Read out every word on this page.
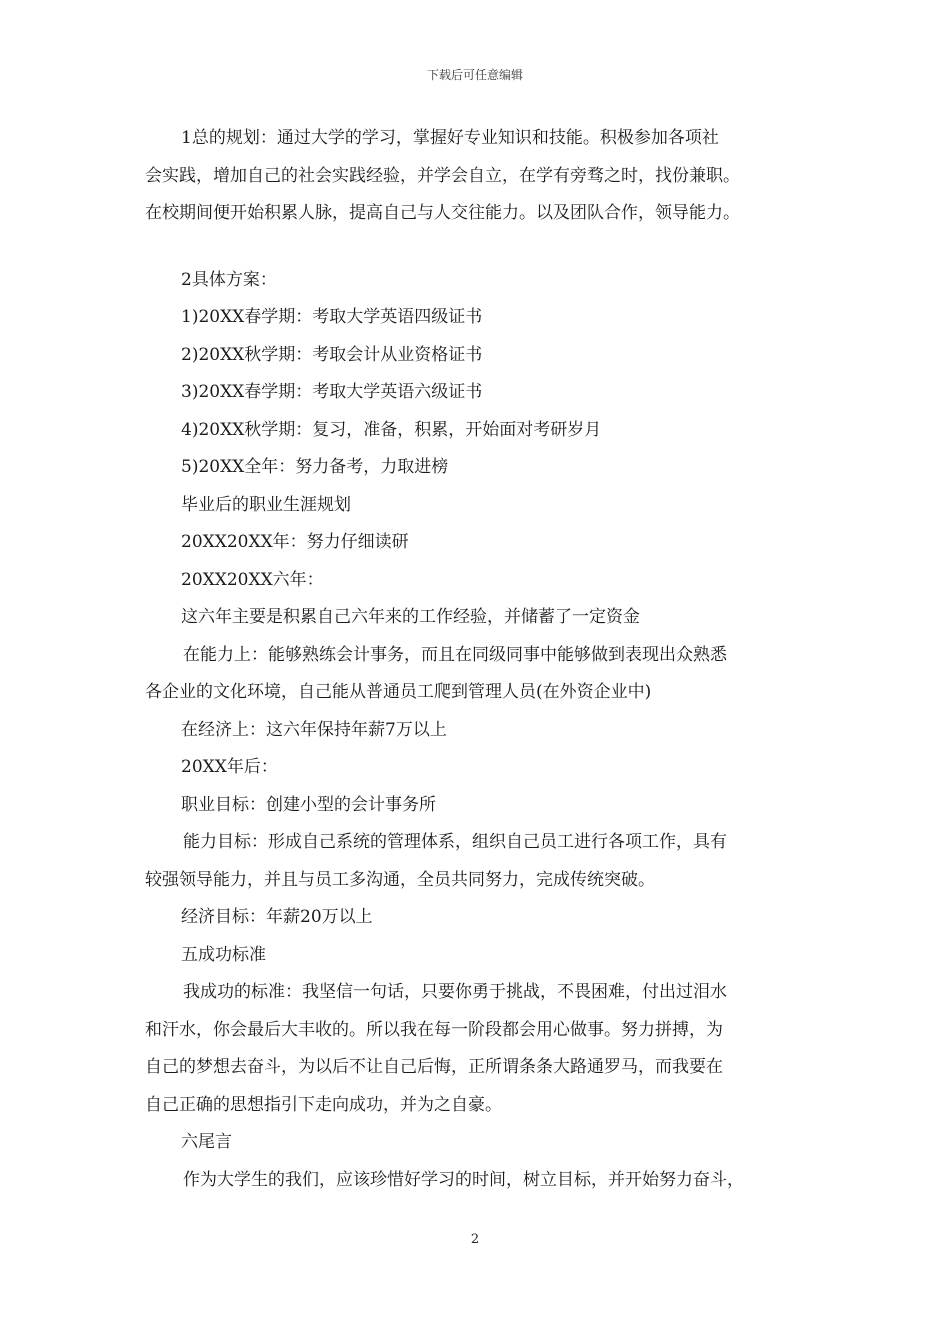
下载后可任意编辑

1总的规划：通过大学的学习，掌握好专业知识和技能。积极参加各项社

会实践，增加自己的社会实践经验，并学会自立，在学有旁骛之时，找份兼职。

在校期间便开始积累人脉，提高自己与人交往能力。以及团队合作，领导能力。

2具体方案：

1)20XX春学期：考取大学英语四级证书

2)20XX秋学期：考取会计从业资格证书

3)20XX春学期：考取大学英语六级证书

4)20XX秋学期：复习，准备，积累，开始面对考研岁月

5)20XX全年：努力备考，力取进榜

毕业后的职业生涯规划

20XX20XX年：努力仔细读研

20XX20XX六年：

这六年主要是积累自己六年来的工作经验，并储蓄了一定资金

在能力上：能够熟练会计事务，而且在同级同事中能够做到表现出众熟悉

各企业的文化环境，自己能从普通员工爬到管理人员(在外资企业中)

在经济上：这六年保持年薪7万以上

20XX年后：

职业目标：创建小型的会计事务所

能力目标：形成自己系统的管理体系，组织自己员工进行各项工作，具有

较强领导能力，并且与员工多沟通，全员共同努力，完成传统突破。

经济目标：年薪20万以上

五成功标准

我成功的标准：我坚信一句话，只要你勇于挑战，不畏困难，付出过泪水

和汗水，你会最后大丰收的。所以我在每一阶段都会用心做事。努力拼搏，为

自己的梦想去奋斗，为以后不让自己后悔，正所谓条条大路通罗马，而我要在

自己正确的思想指引下走向成功，并为之自豪。

六尾言

作为大学生的我们，应该珍惜好学习的时间，树立目标，并开始努力奋斗，

2
